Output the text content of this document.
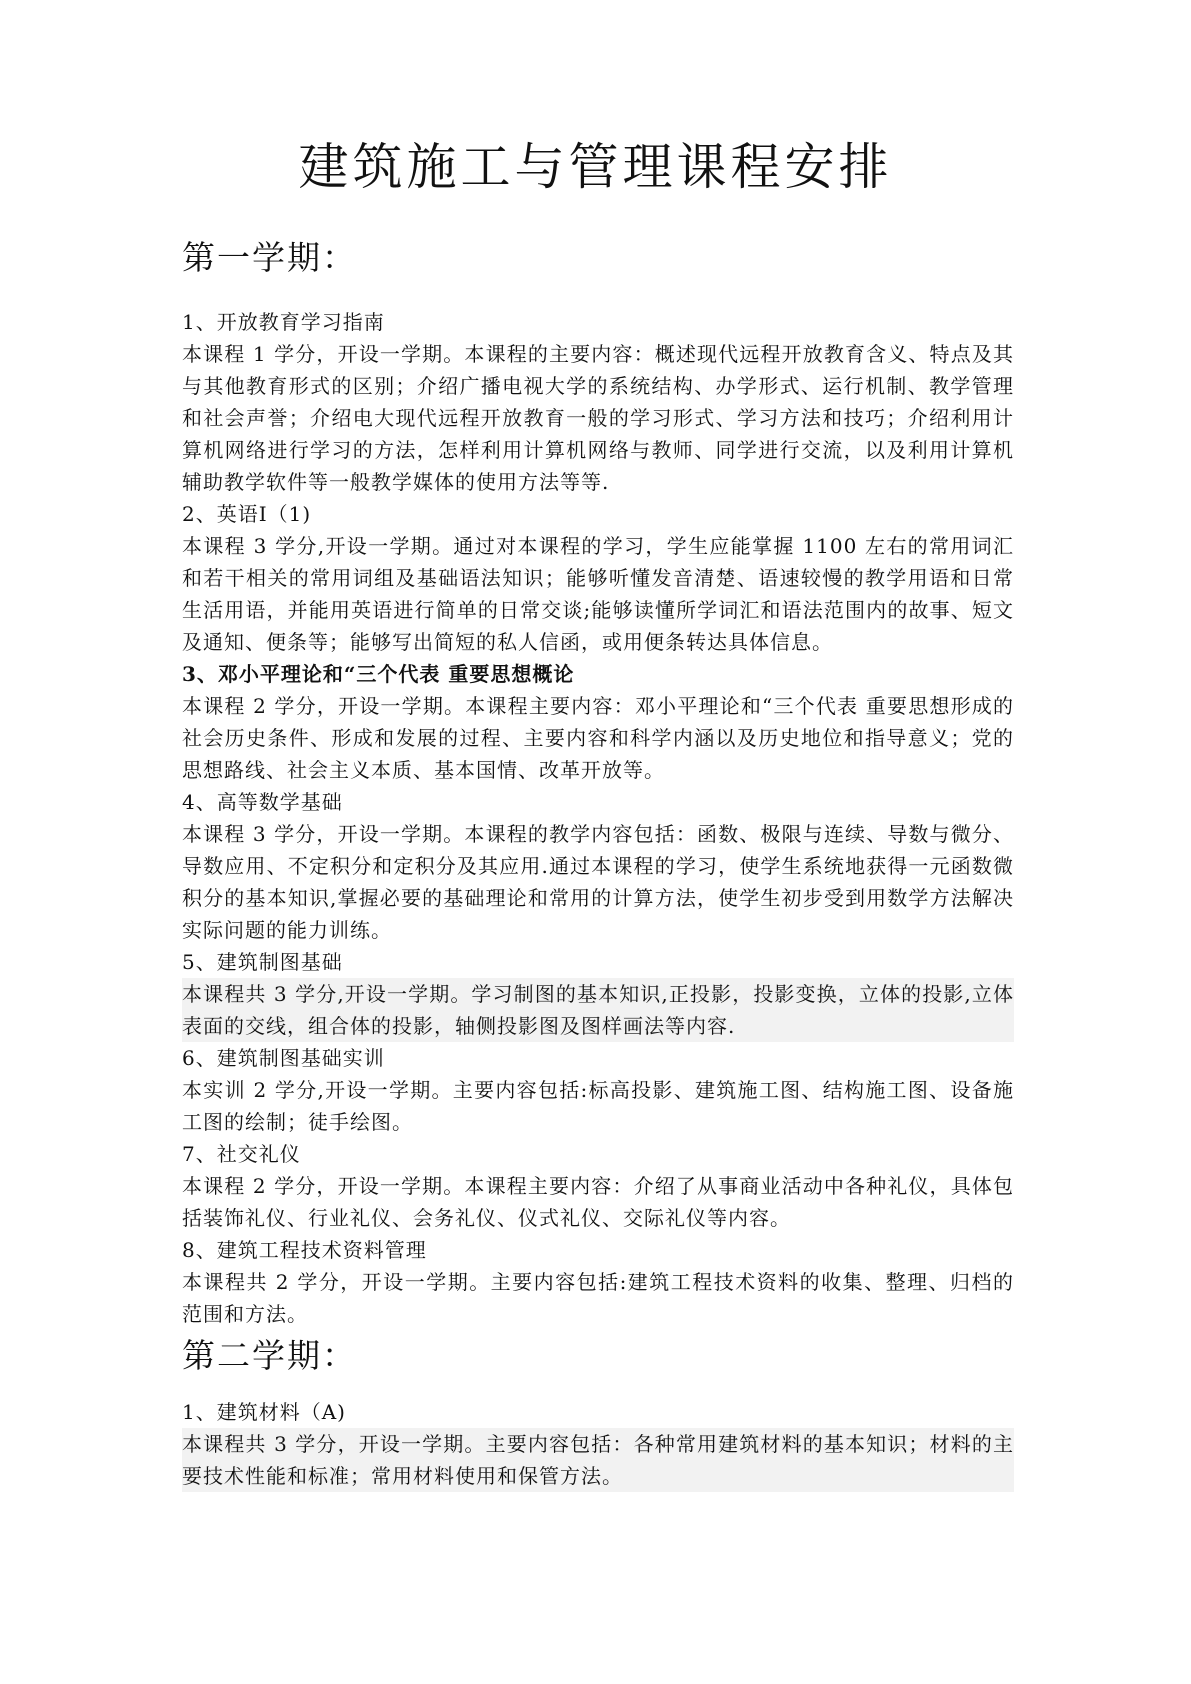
建筑施工与管理课程安排
第一学期：

1、开放教育学习指南

本课程 1 学分，开设一学期。本课程的主要内容：概述现代远程开放教育含义、特点及其与其他教育形式的区别；介绍广播电视大学的系统结构、办学形式、运行机制、教学管理和社会声誉；介绍电大现代远程开放教育一般的学习形式、学习方法和技巧；介绍利用计算机网络进行学习的方法，怎样利用计算机网络与教师、同学进行交流，以及利用计算机辅助教学软件等一般教学媒体的使用方法等等.

2、英语Ⅰ（1)

本课程 3 学分,开设一学期。通过对本课程的学习，学生应能掌握 1100 左右的常用词汇和若干相关的常用词组及基础语法知识；能够听懂发音清楚、语速较慢的教学用语和日常生活用语，并能用英语进行简单的日常交谈;能够读懂所学词汇和语法范围内的故事、短文及通知、便条等；能够写出简短的私人信函，或用便条转达具体信息。

3、邓小平理论和“三个代表 重要思想概论

本课程 2 学分，开设一学期。本课程主要内容：邓小平理论和“三个代表 重要思想形成的社会历史条件、形成和发展的过程、主要内容和科学内涵以及历史地位和指导意义；党的思想路线、社会主义本质、基本国情、改革开放等。

4、高等数学基础

本课程 3 学分，开设一学期。本课程的教学内容包括：函数、极限与连续、导数与微分、导数应用、不定积分和定积分及其应用.通过本课程的学习，使学生系统地获得一元函数微积分的基本知识,掌握必要的基础理论和常用的计算方法，使学生初步受到用数学方法解决实际问题的能力训练。

5、建筑制图基础

本课程共 3 学分,开设一学期。学习制图的基本知识,正投影，投影变换，立体的投影,立体表面的交线，组合体的投影，轴侧投影图及图样画法等内容.

6、建筑制图基础实训

本实训 2 学分,开设一学期。主要内容包括:标高投影、建筑施工图、结构施工图、设备施工图的绘制；徒手绘图。

7、社交礼仪

本课程 2 学分，开设一学期。本课程主要内容：介绍了从事商业活动中各种礼仪，具体包括装饰礼仪、行业礼仪、会务礼仪、仪式礼仪、交际礼仪等内容。

8、建筑工程技术资料管理

本课程共 2 学分，开设一学期。主要内容包括:建筑工程技术资料的收集、整理、归档的范围和方法。

第二学期：

1、建筑材料（A)

本课程共 3 学分，开设一学期。主要内容包括：各种常用建筑材料的基本知识；材料的主要技术性能和标准；常用材料使用和保管方法。
